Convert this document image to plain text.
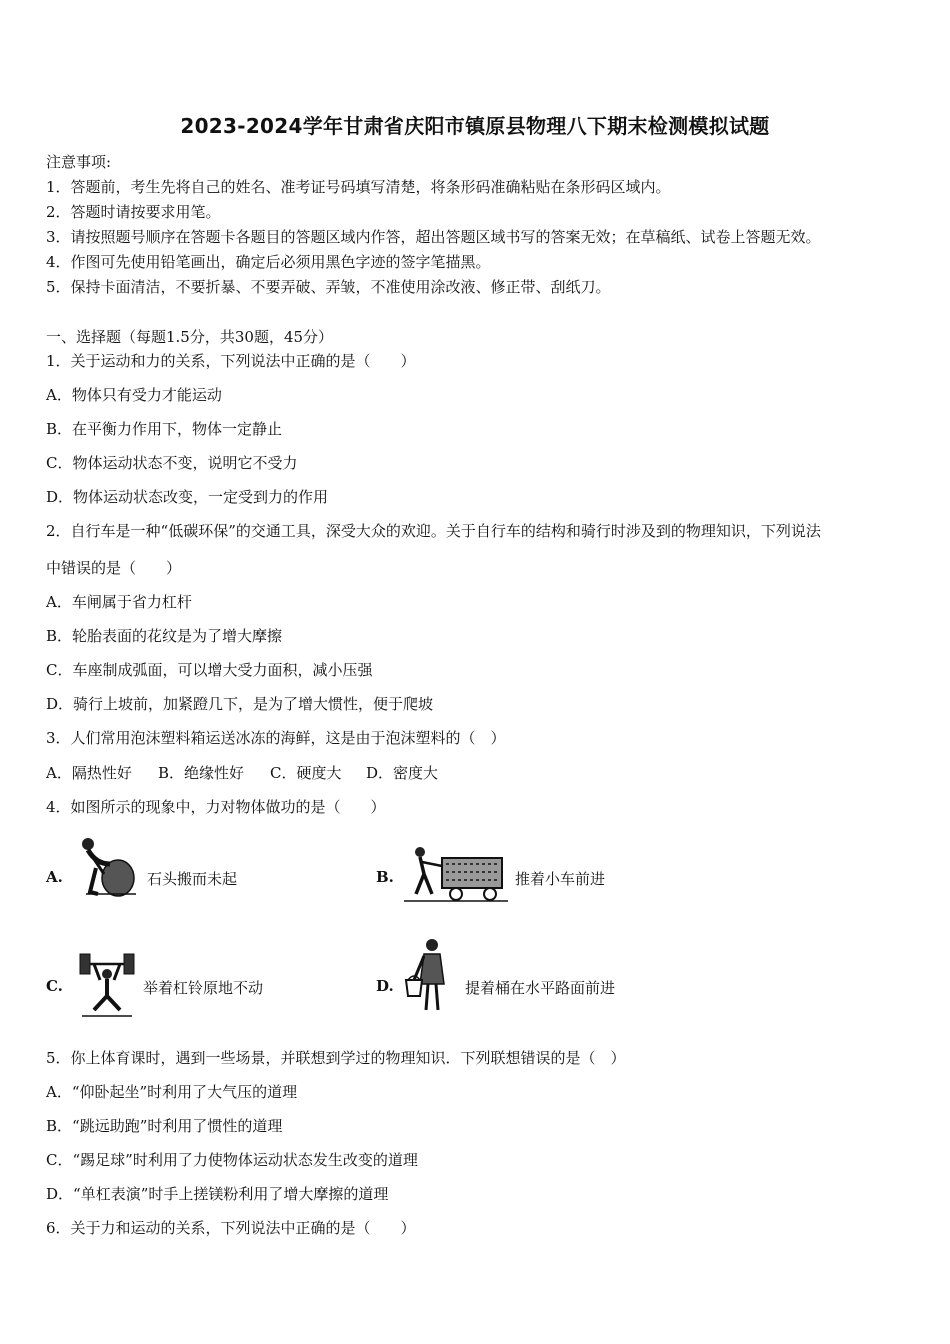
2023-2024学年甘肃省庆阳市镇原县物理八下期末检测模拟试题
注意事项:
1．答题前，考生先将自己的姓名、准考证号码填写清楚，将条形码准确粘贴在条形码区域内。
2．答题时请按要求用笔。
3．请按照题号顺序在答题卡各题目的答题区域内作答，超出答题区域书写的答案无效；在草稿纸、试卷上答题无效。
4．作图可先使用铅笔画出，确定后必须用黑色字迹的签字笔描黑。
5．保持卡面清洁，不要折暴、不要弄破、弄皱，不准使用涂改液、修正带、刮纸刀。
一、选择题（每题1.5分，共30题，45分）
1．关于运动和力的关系，下列说法中正确的是（　　）
A．物体只有受力才能运动
B．在平衡力作用下，物体一定静止
C．物体运动状态不变，说明它不受力
D．物体运动状态改变，一定受到力的作用
2．自行车是一种“低碳环保”的交通工具，深受大众的欢迎。关于自行车的结构和骑行时涉及到的物理知识，下列说法
中错误的是（　　）
A．车闸属于省力杠杆
B．轮胎表面的花纹是为了增大摩擦
C．车座制成弧面，可以增大受力面积，减小压强
D．骑行上坡前，加紧蹬几下，是为了增大惯性，便于爬坡
3．人们常用泡沫塑料箱运送冰冻的海鲜，这是由于泡沫塑料的（　）
A．隔热性好 B．绝缘性好 C．硬度大 D．密度大
4．如图所示的现象中，力对物体做功的是（　　）
A.	石头搬而未起	B.	推着小车前进
C.	举着杠铃原地不动	D.	提着桶在水平路面前进
5．你上体育课时，遇到一些场景，并联想到学过的物理知识．下列联想错误的是（　）
A．“仰卧起坐”时利用了大气压的道理
B．“跳远助跑”时利用了惯性的道理
C．“踢足球”时利用了力使物体运动状态发生改变的道理
D．“单杠表演”时手上搓镁粉利用了增大摩擦的道理
6．关于力和运动的关系，下列说法中正确的是（　　）
